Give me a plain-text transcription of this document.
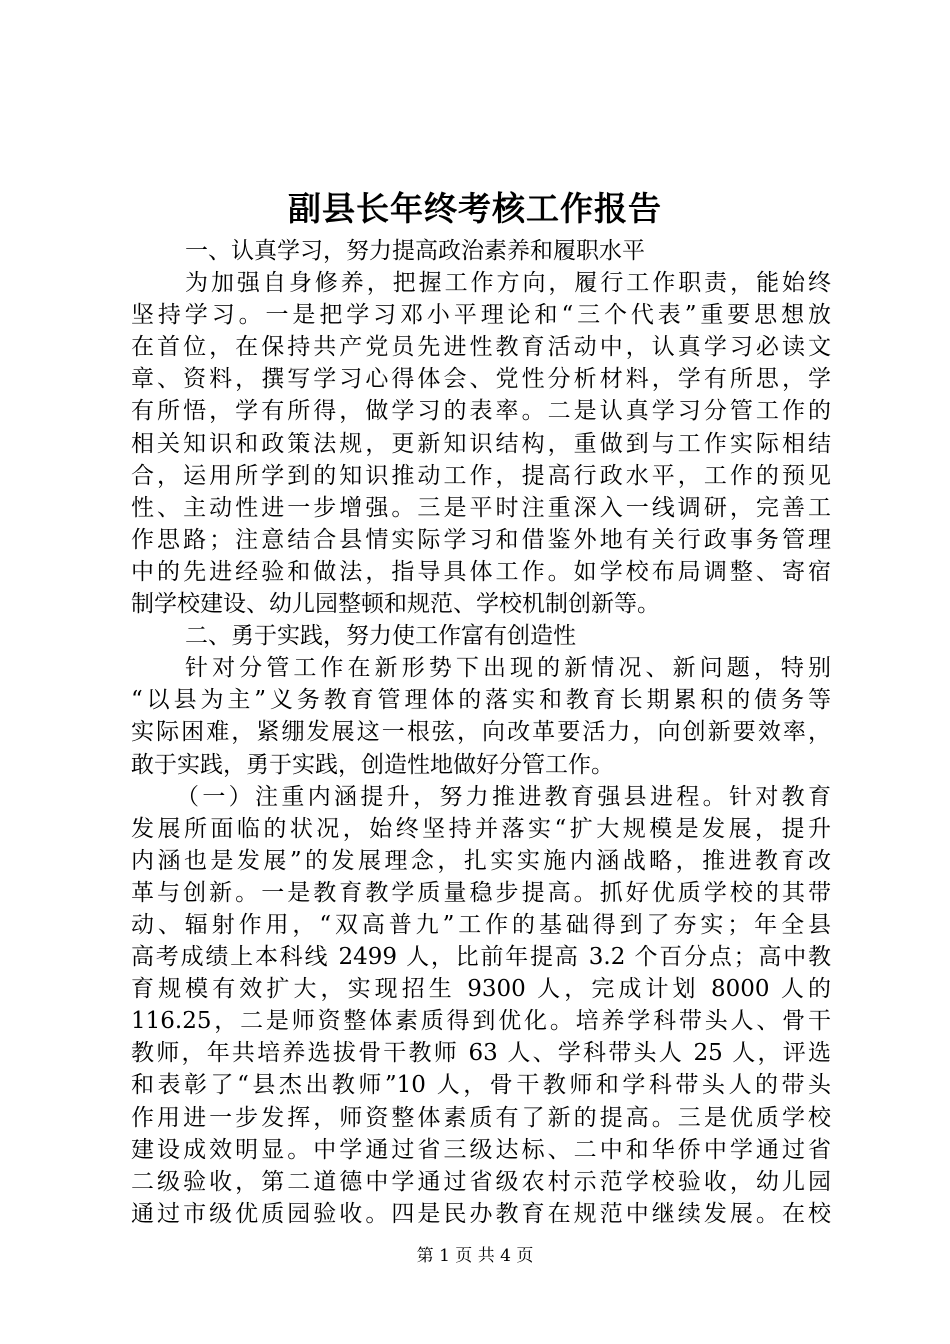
副县长年终考核工作报告
一、认真学习，努力提高政治素养和履职水平
为加强自身修养，把握工作方向，履行工作职责，能始终
坚持学习。一是把学习邓小平理论和“三个代表”重要思想放
在首位，在保持共产党员先进性教育活动中，认真学习必读文
章、资料，撰写学习心得体会、党性分析材料，学有所思，学
有所悟，学有所得，做学习的表率。二是认真学习分管工作的
相关知识和政策法规，更新知识结构，重做到与工作实际相结
合，运用所学到的知识推动工作，提高行政水平，工作的预见
性、主动性进一步增强。三是平时注重深入一线调研，完善工
作思路；注意结合县情实际学习和借鉴外地有关行政事务管理
中的先进经验和做法，指导具体工作。如学校布局调整、寄宿
制学校建设、幼儿园整顿和规范、学校机制创新等。
二、勇于实践，努力使工作富有创造性
针对分管工作在新形势下出现的新情况、新问题，特别
“以县为主”义务教育管理体的落实和教育长期累积的债务等
实际困难，紧绷发展这一根弦，向改革要活力，向创新要效率，
敢于实践，勇于实践，创造性地做好分管工作。
（一）注重内涵提升，努力推进教育强县进程。针对教育
发展所面临的状况，始终坚持并落实“扩大规模是发展，提升
内涵也是发展”的发展理念，扎实实施内涵战略，推进教育改
革与创新。一是教育教学质量稳步提高。抓好优质学校的其带
动、辐射作用，“双高普九”工作的基础得到了夯实；年全县
高考成绩上本科线 2499 人，比前年提高 3.2 个百分点；高中教
育规模有效扩大，实现招生 9300 人，完成计划 8000 人的
116.25，二是师资整体素质得到优化。培养学科带头人、骨干
教师，年共培养选拔骨干教师 63 人、学科带头人 25 人，评选
和表彰了“县杰出教师”10 人，骨干教师和学科带头人的带头
作用进一步发挥，师资整体素质有了新的提高。三是优质学校
建设成效明显。中学通过省三级达标、二中和华侨中学通过省
二级验收，第二道德中学通过省级农村示范学校验收，幼儿园
通过市级优质园验收。四是民办教育在规范中继续发展。在校
第 1 页 共 4 页
